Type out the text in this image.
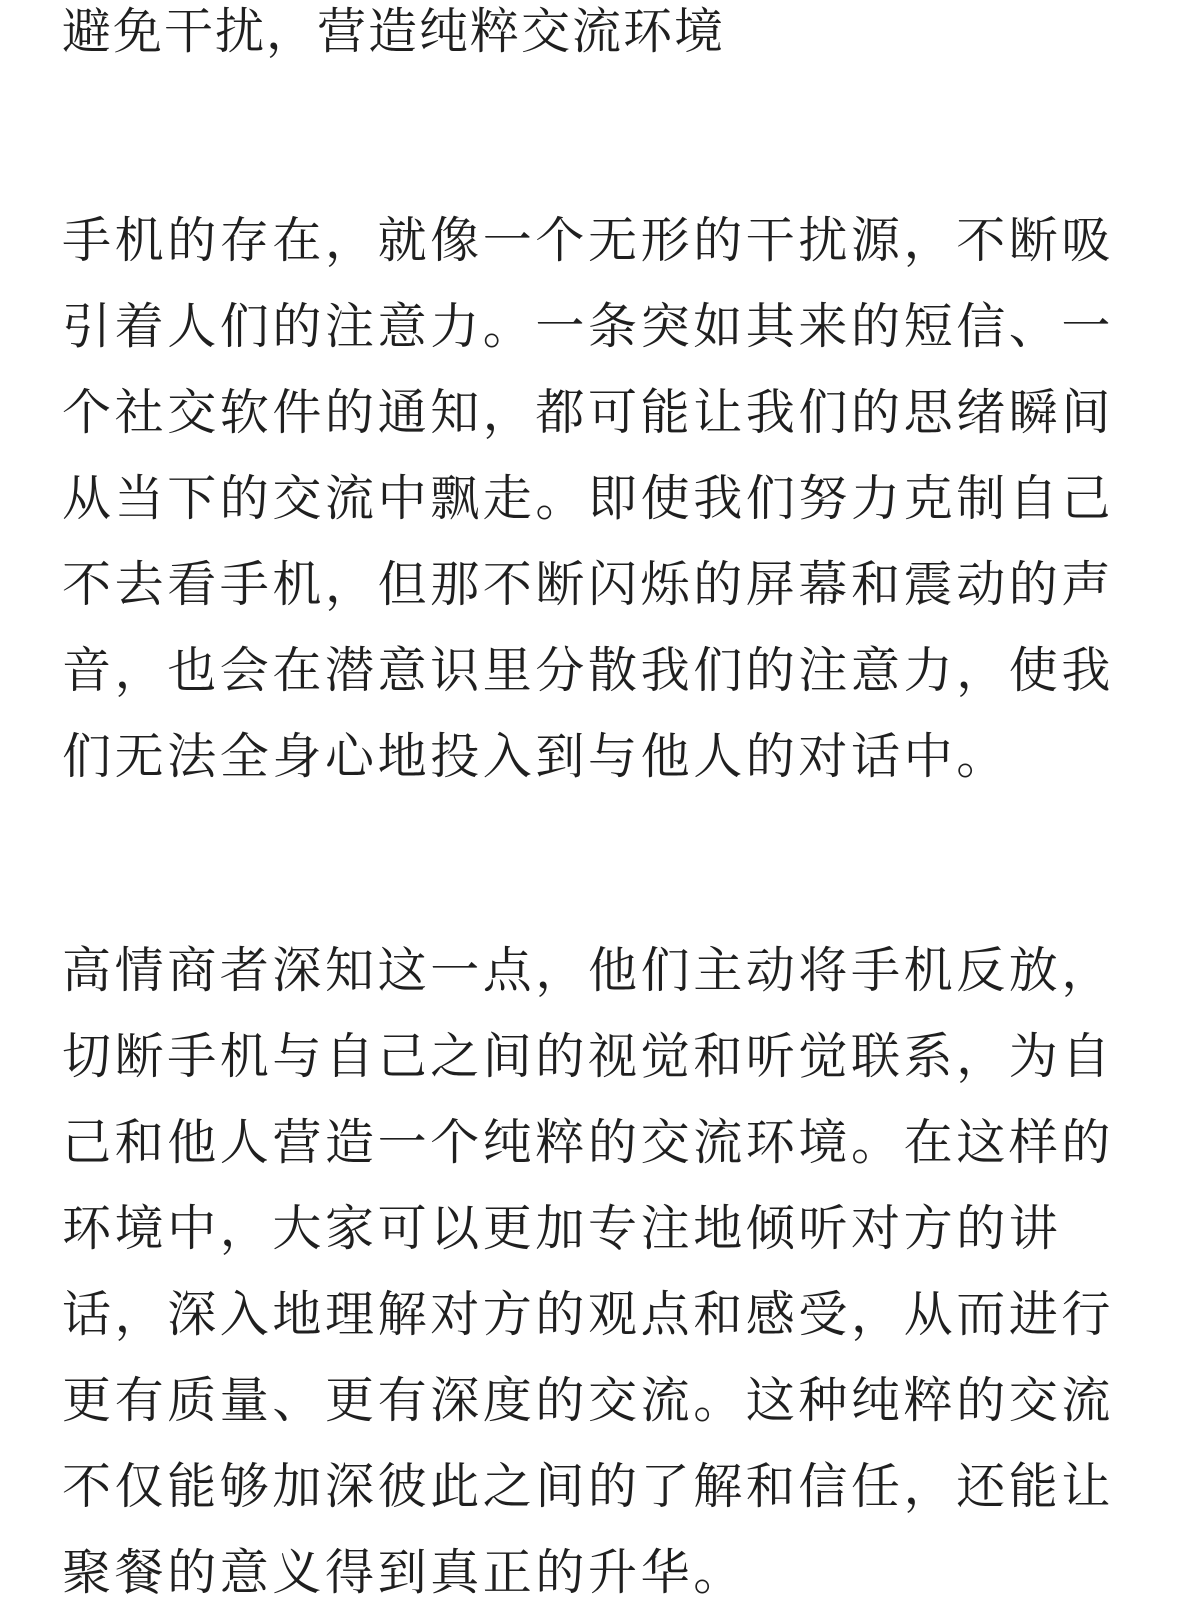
避免干扰，营造纯粹交流环境

手机的存在，就像一个无形的干扰源，不断吸

引着人们的注意力。一条突如其来的短信、一

个社交软件的通知，都可能让我们的思绪瞬间

从当下的交流中飘走。即使我们努力克制自己

不去看手机，但那不断闪烁的屏幕和震动的声

音，也会在潜意识里分散我们的注意力，使我

们无法全身心地投入到与他人的对话中。

高情商者深知这一点，他们主动将手机反放，

切断手机与自己之间的视觉和听觉联系，为自

己和他人营造一个纯粹的交流环境。在这样的

环境中，大家可以更加专注地倾听对方的讲

话，深入地理解对方的观点和感受，从而进行

更有质量、更有深度的交流。这种纯粹的交流

不仅能够加深彼此之间的了解和信任，还能让

聚餐的意义得到真正的升华。
